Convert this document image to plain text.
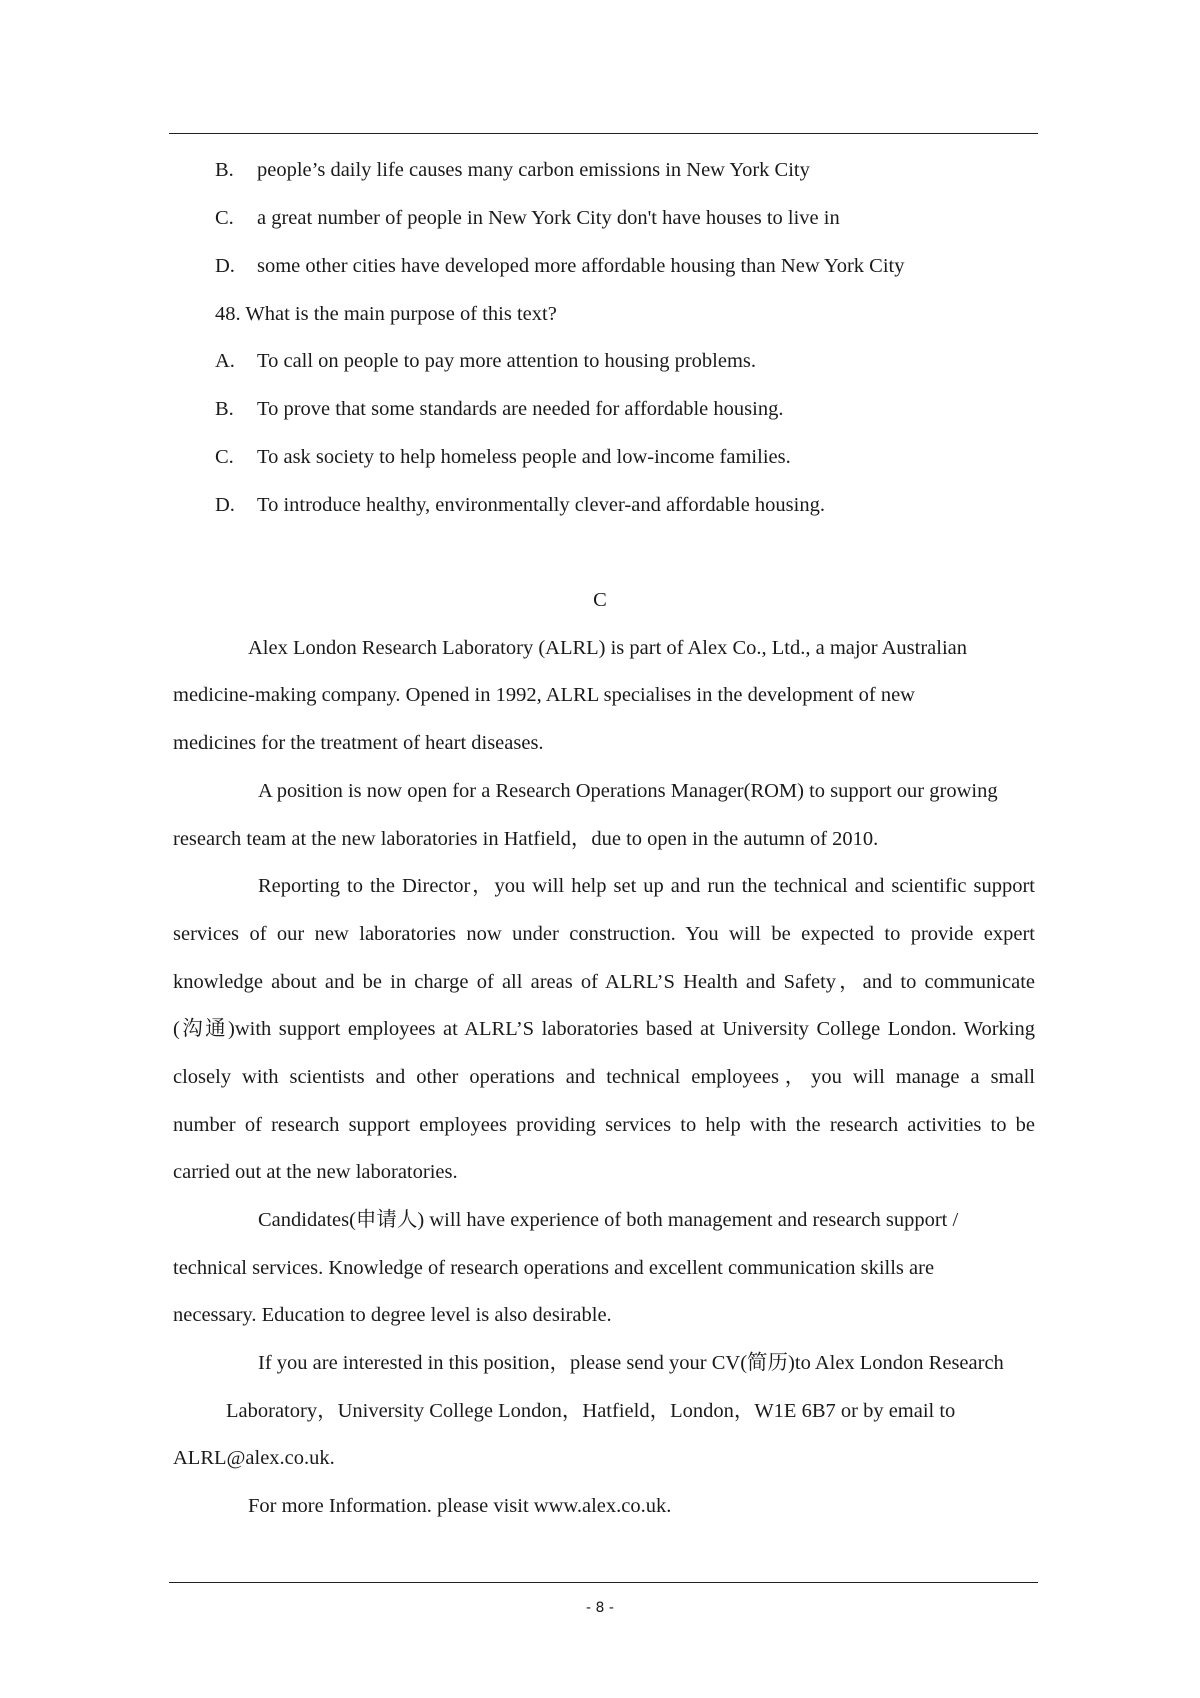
B. people’s daily life causes many carbon emissions in New York City
C. a great number of people in New York City don't have houses to live in
D. some other cities have developed more affordable housing than New York City
48. What is the main purpose of this text?
A. To call on people to pay more attention to housing problems.
B. To prove that some standards are needed for affordable housing.
C. To ask society to help homeless people and low-income families.
D. To introduce healthy, environmentally clever-and affordable housing.
C
Alex London Research Laboratory (ALRL) is part of Alex Co., Ltd., a major Australian
medicine-making company. Opened in 1992, ALRL specialises in the development of new
medicines for the treatment of heart diseases.
A position is now open for a Research Operations Manager(ROM) to support our growing
research team at the new laboratories in Hatfield，due to open in the autumn of 2010.
Reporting to the Director，you will help set up and run the technical and scientific support
services of our new laboratories now under construction. You will be expected to provide expert
knowledge about and be in charge of all areas of ALRL’S Health and Safety，and to communicate
(沟通)with support employees at ALRL’S laboratories based at University College London. Working
closely with scientists and other operations and technical employees，you will manage a small
number of research support employees providing services to help with the research activities to be
carried out at the new laboratories.
Candidates(申请人) will have experience of both management and research support /
technical services. Knowledge of research operations and excellent communication skills are
necessary. Education to degree level is also desirable.
If you are interested in this position，please send your CV(简历)to Alex London Research
Laboratory，University College London，Hatfield，London，W1E 6B7 or by email to
ALRL@alex.co.uk.
For more Information. please visit www.alex.co.uk.
- 8 -
